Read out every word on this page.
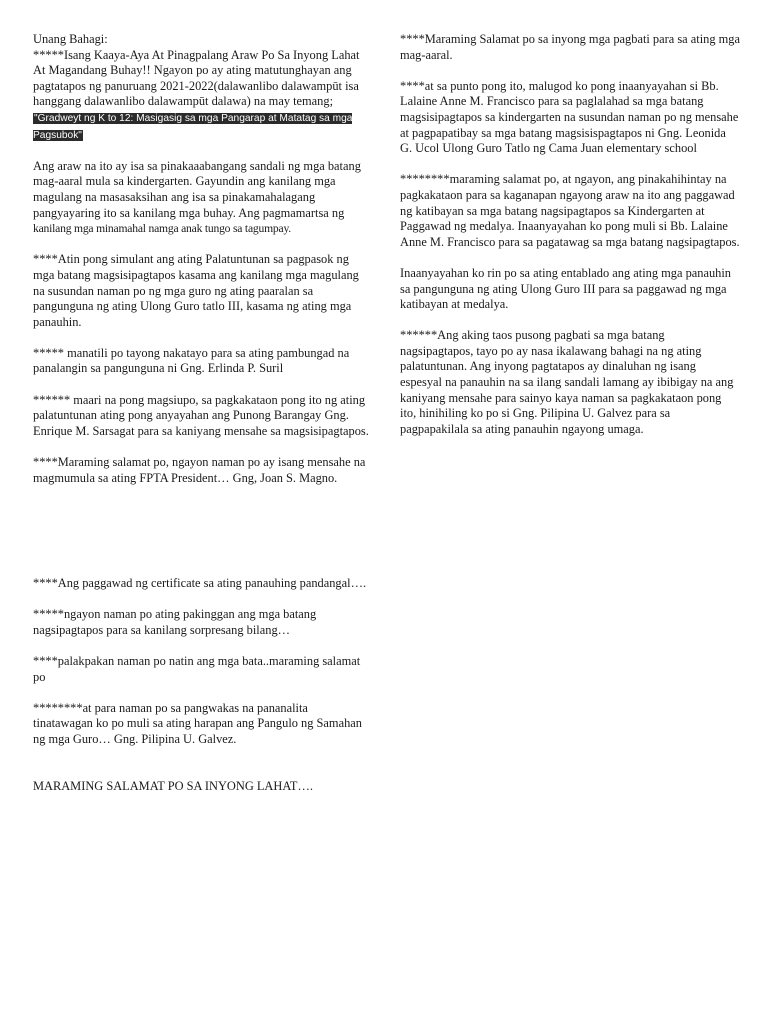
Unang Bahagi:
*****Isang Kaaya-Aya At Pinagpalang Araw Po Sa Inyong Lahat At Magandang Buhay!! Ngayon po ay ating matutunghayan ang pagtatapos ng panuruang 2021-2022(dalawanlibo dalawampūt isa hanggang dalawanlibo dalawampūt dalawa) na may temang; "Gradweyt ng K to 12: Masigasig sa mga Pangarap at Matatag sa mga Pagsubok"

Ang araw na ito ay isa sa pinakaaabangang sandali ng mga batang mag-aaral mula sa kindergarten. Gayundin ang kanilang mga magulang na masasaksihan ang isa sa pinakamahalagang pangyayaring ito sa kanilang mga buhay. Ang pagmamartsa ng kanilang mga minamahal namga anak tungo sa tagumpay.

****Atin pong simulant ang ating Palatuntunan sa pagpasok ng mga batang magsisipagtapos kasama ang kanilang mga magulang na susundan naman po ng mga guro ng ating paaralan sa pangunguna ng ating Ulong Guro tatlo III, kasama ng ating mga panauhin.

***** manatili po tayong nakatayo para sa ating pambungad na panalangin sa pangunguna ni Gng. Erlinda P. Suril

****** maari na pong magsiupo, sa pagkakataon pong ito ng ating palatuntunan ating pong anyayahan ang Punong Barangay Gng. Enrique M. Sarsagat para sa kaniyang mensahe sa magsisipagtapos.

****Maraming salamat po, ngayon naman po ay isang mensahe na magmumula sa ating FPTA President… Gng, Joan S. Magno.

****Maraming Salamat po sa inyong mga pagbati para sa ating mga mag-aaral.

****at sa punto pong ito, malugod ko pong inaanyayahan si Bb. Lalaine Anne M. Francisco para sa paglalahad sa mga batang magsisipagtapos sa kindergarten na susundan naman po ng mensahe at pagpapatibay sa mga batang magsisispagtapos ni Gng. Leonida G. Ucol Ulong Guro Tatlo ng Cama Juan elementary school

********maraming salamat po, at ngayon, ang pinakahihintay na pagkakataon para sa kaganapan ngayong araw na ito ang paggawad ng katibayan sa mga batang nagsipagtapos sa Kindergarten at Paggawad ng medalya. Inaanyayahan ko pong muli si Bb. Lalaine Anne M. Francisco para sa pagatawag sa mga batang nagsipagtapos.

Inaanyayahan ko rin po sa ating entablado ang ating mga panauhin sa pangunguna ng ating Ulong Guro III para sa paggawad ng mga katibayan at medalya.

******Ang aking taos pusong pagbati sa mga batang nagsipagtapos, tayo po ay nasa ikalawang bahagi na ng ating palatuntunan. Ang inyong pagtatapos ay dinaluhan ng isang espesyal na panauhin na sa ilang sandali lamang ay ibibigay na ang kaniyang mensahe para sainyo kaya naman sa pagkakataon pong ito, hinihiling ko po si Gng. Pilipina U. Galvez para sa pagpapakilala sa ating panauhin ngayong umaga.

****Ang paggawad ng certificate sa ating panauhing pandangal….

*****ngayon naman po ating pakinggan ang mga batang nagsipagtapos para sa kanilang sorpresang bilang…

****palakpakan naman po natin ang mga bata..maraming salamat po

********at para naman po sa pangwakas na pananalita tinatawagan ko po muli sa ating harapan ang Pangulo ng Samahan ng mga Guro… Gng. Pilipina U. Galvez.

MARAMING SALAMAT PO SA INYONG LAHAT….
